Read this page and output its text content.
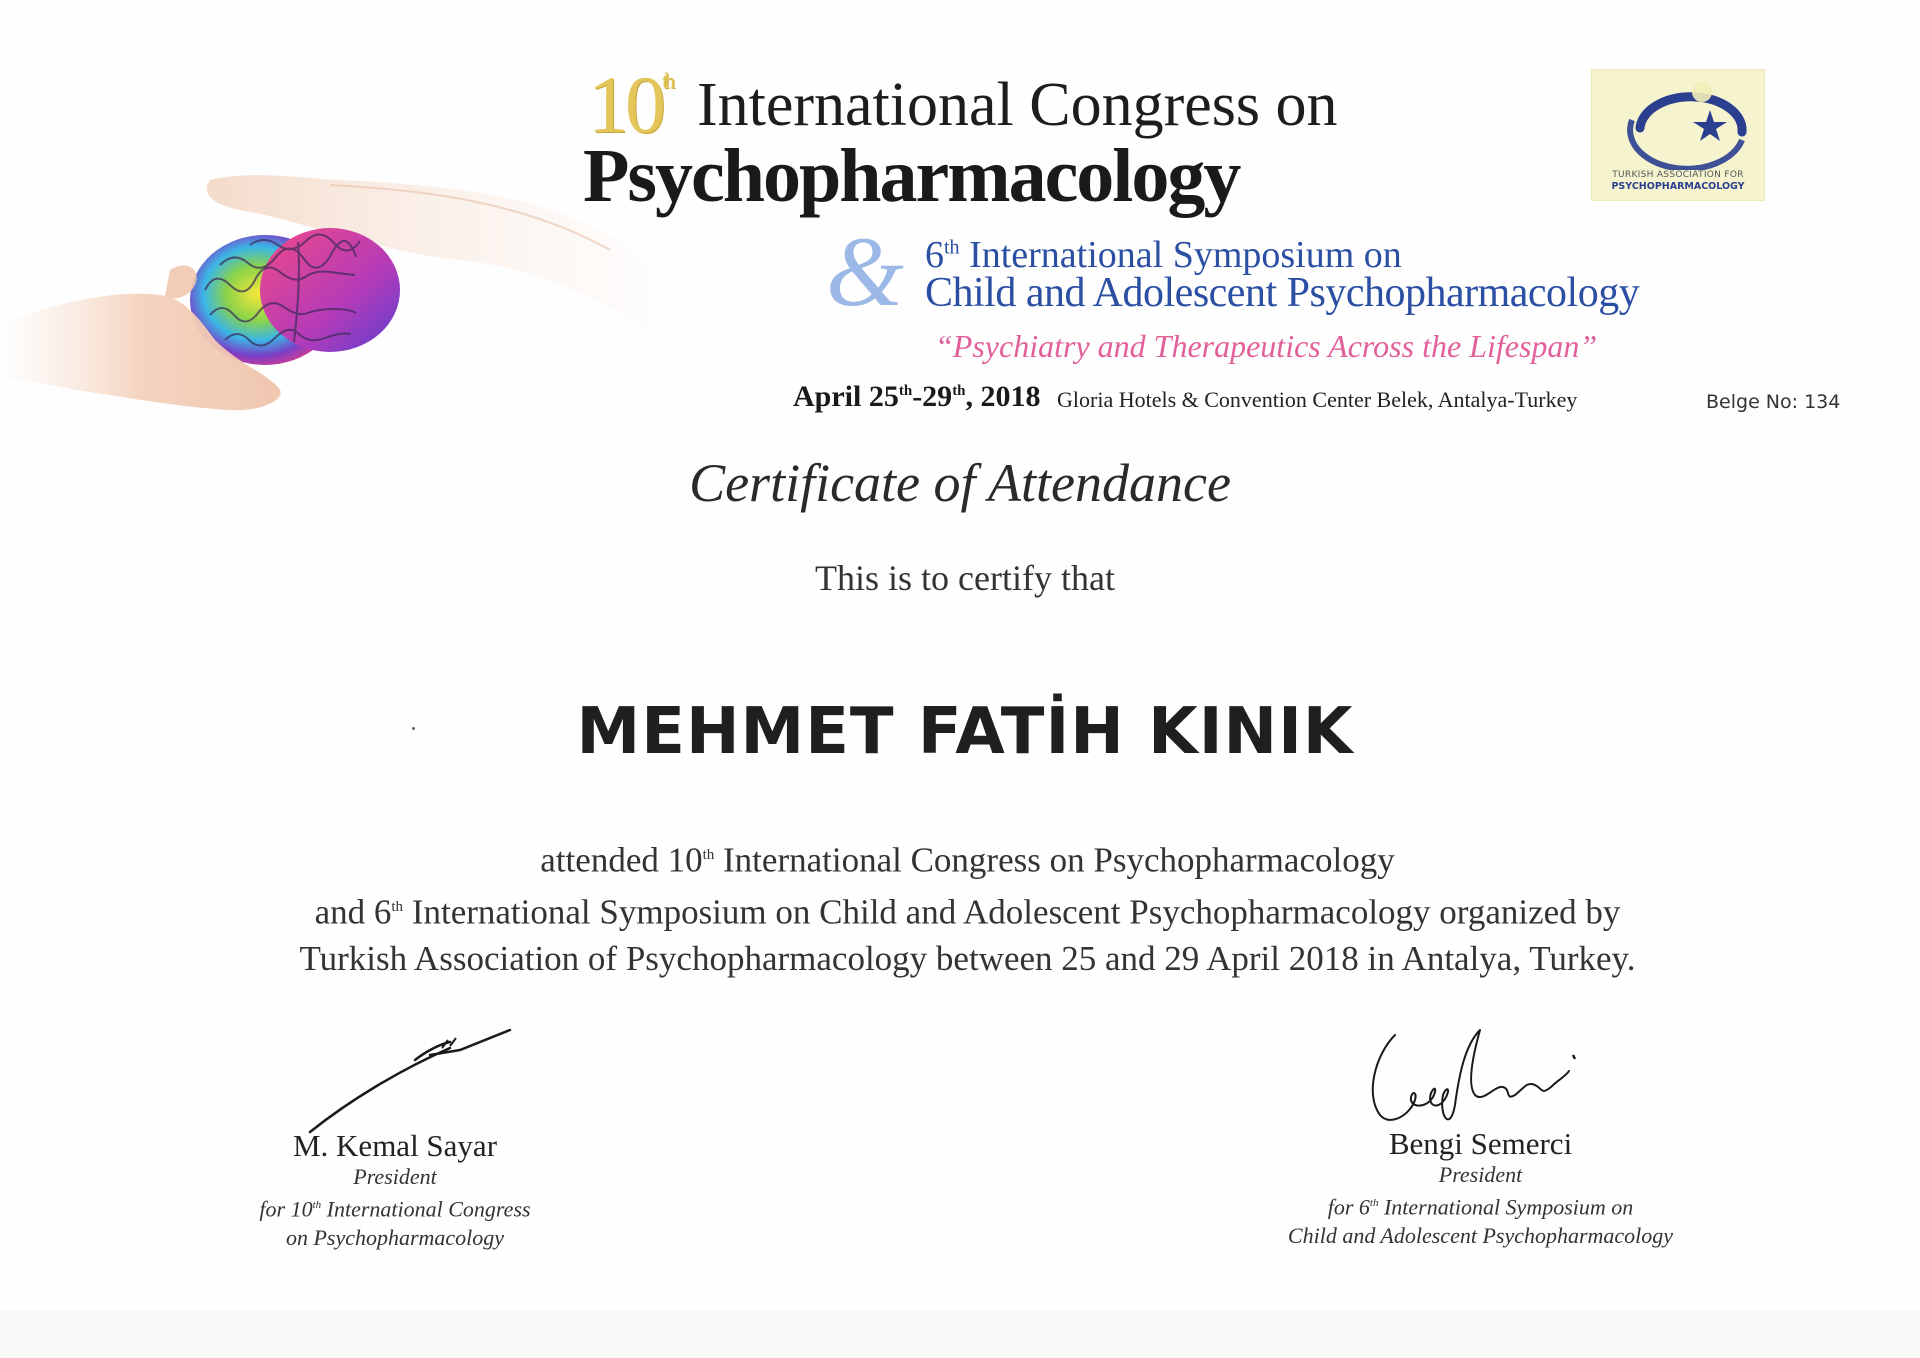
10th International Congress on
Psychopharmacology
& 6th International Symposium on
Child and Adolescent Psychopharmacology
“Psychiatry and Therapeutics Across the Lifespan”
April 25th-29th, 2018 Gloria Hotels & Convention Center Belek, Antalya-Turkey	Belge No: 134
TURKISH ASSOCIATION FOR
PSYCHOPHARMACOLOGY
Certificate of Attendance
This is to certify that
MEHMET FATİH KINIK
attended 10th International Congress on Psychopharmacology
and 6th International Symposium on Child and Adolescent Psychopharmacology organized by
Turkish Association of Psychopharmacology between 25 and 29 April 2018 in Antalya, Turkey.
M. Kemal Sayar
President
for 10th International Congress
on Psychopharmacology
Bengi Semerci
President
for 6th International Symposium on
Child and Adolescent Psychopharmacology
